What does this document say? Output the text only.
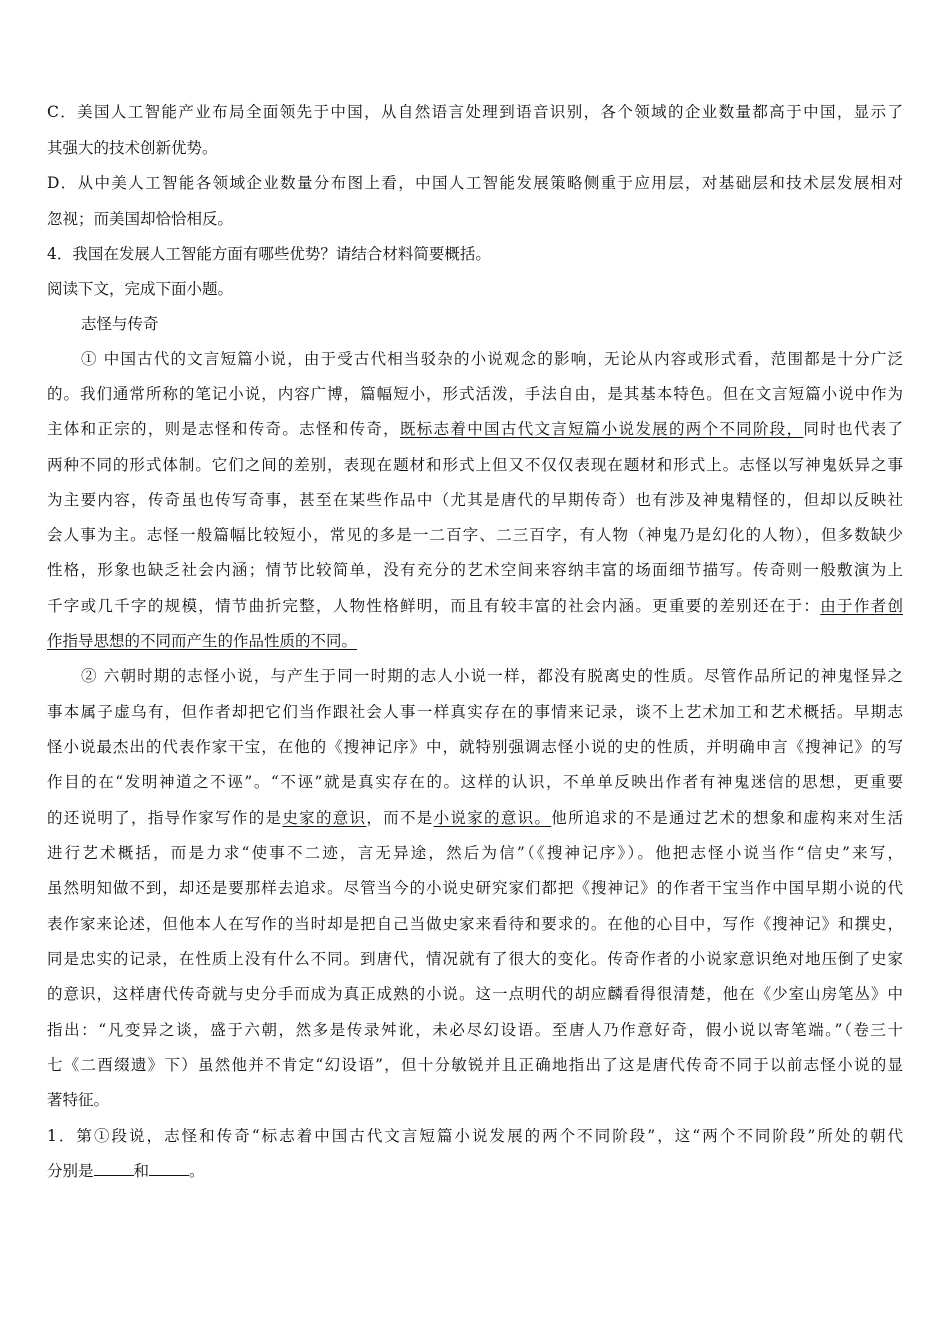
C．美国人工智能产业布局全面领先于中国，从自然语言处理到语音识别，各个领域的企业数量都高于中国，显示了
其强大的技术创新优势。
D．从中美人工智能各领域企业数量分布图上看，中国人工智能发展策略侧重于应用层，对基础层和技术层发展相对
忽视；而美国却恰恰相反。
4．我国在发展人工智能方面有哪些优势？请结合材料简要概括。
阅读下文，完成下面小题。
志怪与传奇
① 中国古代的文言短篇小说，由于受古代相当驳杂的小说观念的影响，无论从内容或形式看，范围都是十分广泛
的。我们通常所称的笔记小说，内容广博，篇幅短小，形式活泼，手法自由，是其基本特色。但在文言短篇小说中作为
主体和正宗的，则是志怪和传奇。志怪和传奇，既标志着中国古代文言短篇小说发展的两个不同阶段，同时也代表了
两种不同的形式体制。它们之间的差别，表现在题材和形式上但又不仅仅表现在题材和形式上。志怪以写神鬼妖异之事
为主要内容，传奇虽也传写奇事，甚至在某些作品中（尤其是唐代的早期传奇）也有涉及神鬼精怪的，但却以反映社
会人事为主。志怪一般篇幅比较短小，常见的多是一二百字、二三百字，有人物（神鬼乃是幻化的人物），但多数缺少
性格，形象也缺乏社会内涵；情节比较简单，没有充分的艺术空间来容纳丰富的场面细节描写。传奇则一般敷演为上
千字或几千字的规模，情节曲折完整，人物性格鲜明，而且有较丰富的社会内涵。更重要的差别还在于：由于作者创
作指导思想的不同而产生的作品性质的不同。
② 六朝时期的志怪小说，与产生于同一时期的志人小说一样，都没有脱离史的性质。尽管作品所记的神鬼怪异之
事本属子虚乌有，但作者却把它们当作跟社会人事一样真实存在的事情来记录，谈不上艺术加工和艺术概括。早期志
怪小说最杰出的代表作家干宝，在他的《搜神记序》中，就特别强调志怪小说的史的性质，并明确申言《搜神记》的写
作目的在“发明神道之不诬”。“不诬”就是真实存在的。这样的认识，不单单反映出作者有神鬼迷信的思想，更重要
的还说明了，指导作家写作的是史家的意识，而不是小说家的意识。他所追求的不是通过艺术的想象和虚构来对生活
进行艺术概括，而是力求“使事不二迹，言无异途，然后为信”（《搜神记序》）。他把志怪小说当作“信史”来写，
虽然明知做不到，却还是要那样去追求。尽管当今的小说史研究家们都把《搜神记》的作者干宝当作中国早期小说的代
表作家来论述，但他本人在写作的当时却是把自己当做史家来看待和要求的。在他的心目中，写作《搜神记》和撰史，
同是忠实的记录，在性质上没有什么不同。到唐代，情况就有了很大的变化。传奇作者的小说家意识绝对地压倒了史家
的意识，这样唐代传奇就与史分手而成为真正成熟的小说。这一点明代的胡应麟看得很清楚，他在《少室山房笔丛》中
指出：“凡变异之谈，盛于六朝，然多是传录舛讹，未必尽幻设语。至唐人乃作意好奇，假小说以寄笔端。”（卷三十
七《二酉缀遗》下）虽然他并不肯定“幻设语”，但十分敏锐并且正确地指出了这是唐代传奇不同于以前志怪小说的显
著特征。
1．第①段说，志怪和传奇“标志着中国古代文言短篇小说发展的两个不同阶段”，这“两个不同阶段”所处的朝代
分别是	和	。
